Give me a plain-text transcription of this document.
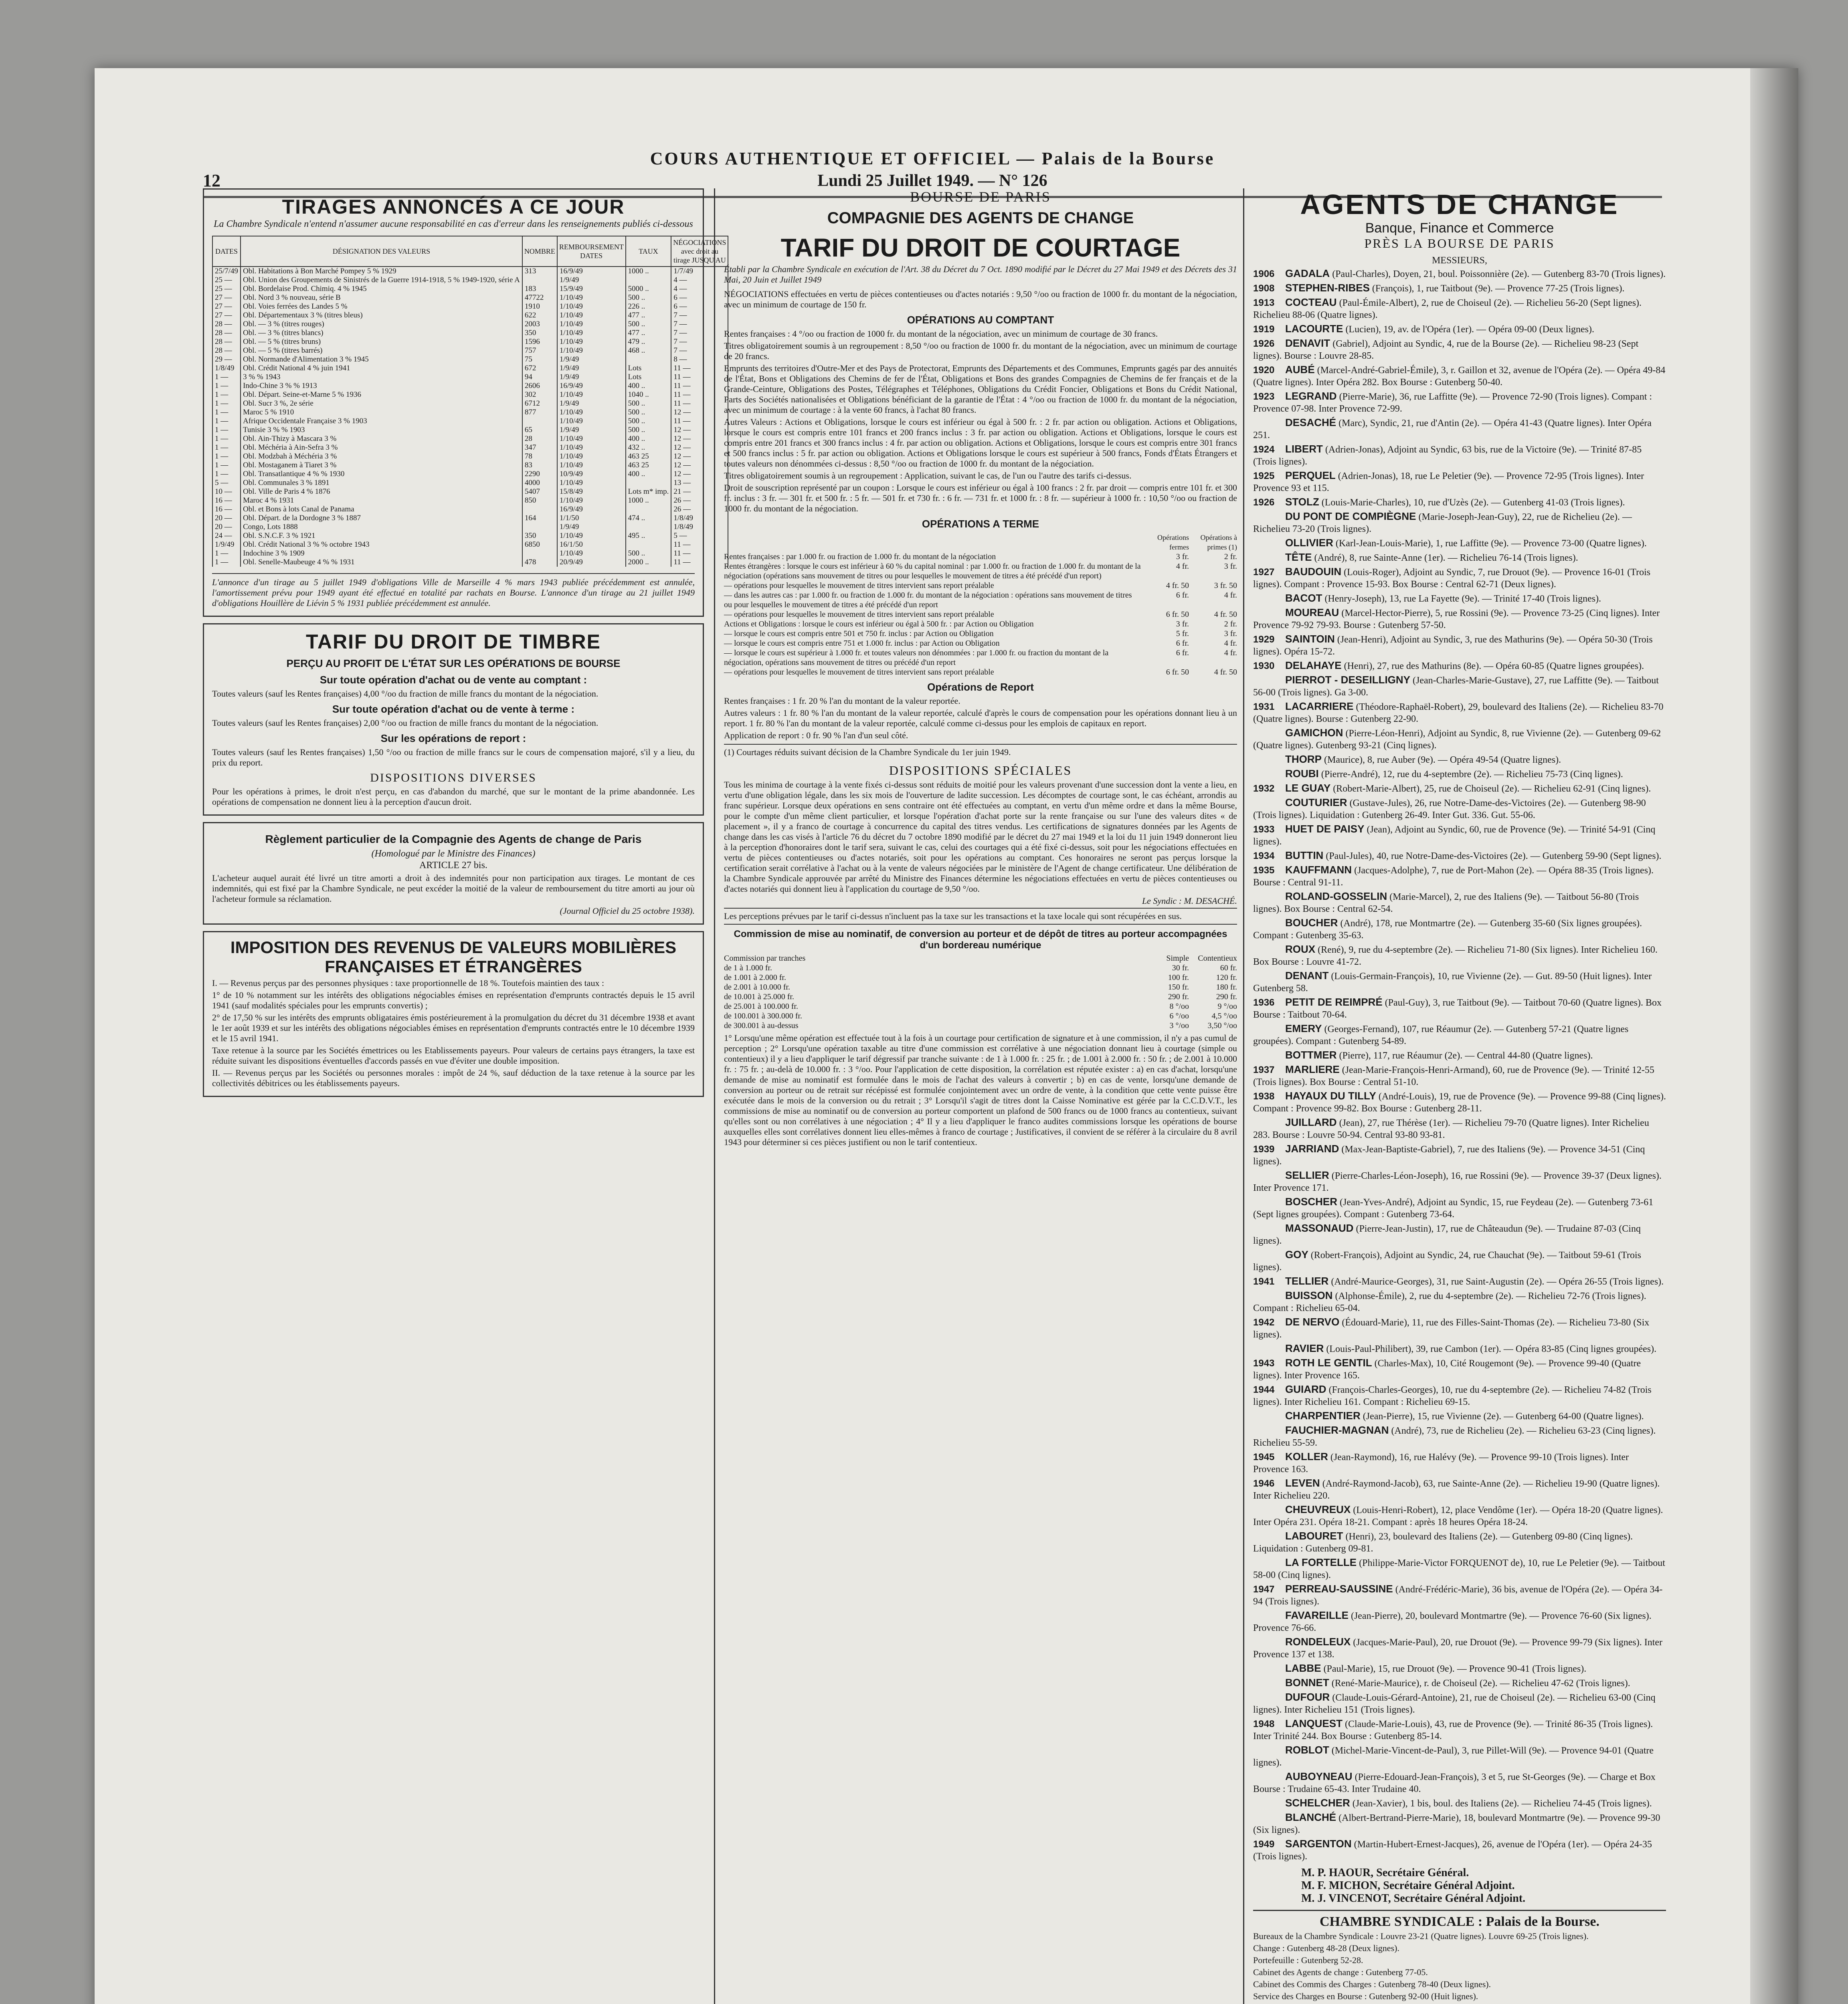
12
COURS AUTHENTIQUE ET OFFICIEL — Palais de la Bourse
Lundi 25 Juillet 1949. — N° 126
TIRAGES ANNONCÉS A CE JOUR
La Chambre Syndicale n'entend n'assumer aucune responsabilité en cas d'erreur dans les renseignements publiés ci-dessous
DATES	DÉSIGNATION DES VALEURS	NOMBRE	REMBOURSEMENT DATES	TAUX	NÉGOCIATIONS avec droit au tirage JUSQU'AU
25/7/49	Obl. Habitations à Bon Marché Pompey 5 % 1929	313	16/9/49	1000 ..	1/7/49
25 —	Obl. Union des Groupements de Sinistrés de la Guerre 1914-1918, 5 % 1949-1920, série A		1/9/49		4 —
25 —	Obl. Bordelaise Prod. Chimiq. 4 % 1945	183	15/9/49	5000 ..	4 —
27 —	Obl. Nord 3 % nouveau, série B	47722	1/10/49	500 ..	6 —
27 —	Obl. Voies ferrées des Landes 5 %	1910	1/10/49	226 ..	6 —
27 —	Obl. Départementaux 3 % (titres bleus)	622	1/10/49	477 ..	7 —
28 —	Obl. — 3 % (titres rouges)	2003	1/10/49	500 ..	7 —
28 —	Obl. — 3 % (titres blancs)	350	1/10/49	477 ..	7 —
28 —	Obl. — 5 % (titres bruns)	1596	1/10/49	479 ..	7 —
28 —	Obl. — 5 % (titres barrés)	757	1/10/49	468 ..	7 —
29 —	Obl. Normande d'Alimentation 3 % 1945	75	1/9/49		8 —
1/8/49	Obl. Crédit National 4 % juin 1941	672	1/9/49	Lots	11 —
1 —	3 % % 1943	94	1/9/49	Lots	11 —
1 —	Indo-Chine 3 % % 1913	2606	16/9/49	400 ..	11 —
1 —	Obl. Départ. Seine-et-Marne 5 % 1936	302	1/10/49	1040 ..	11 —
1 —	Obl. Sucr 3 %, 2e série	6712	1/9/49	500 ..	11 —
1 —	Maroc 5 % 1910	877	1/10/49	500 ..	12 —
1 —	Afrique Occidentale Française 3 % 1903		1/10/49	500 ..	11 —
1 —	Tunisie 3 % % 1903	65	1/9/49	500 ..	12 —
1 —	Obl. Ain-Thizy à Mascara 3 %	28	1/10/49	400 ..	12 —
1 —	Obl. Méchéria à Ain-Sefra 3 %	347	1/10/49	432 ..	12 —
1 —	Obl. Modzbah à Méchéria 3 %	78	1/10/49	463 25	12 —
1 —	Obl. Mostaganem à Tiaret 3 %	83	1/10/49	463 25	12 —
1 —	Obl. Transatlantique 4 % % 1930	2290	10/9/49	400 ..	12 —
5 —	Obl. Communales 3 % 1891	4000	1/10/49		13 —
10 —	Obl. Ville de Paris 4 % 1876	5407	15/8/49	Lots m* imp.	21 —
16 —	Maroc 4 % 1931	850	1/10/49	1000 ..	26 —
16 —	Obl. et Bons à lots Canal de Panama		16/9/49		26 —
20 —	Obl. Départ. de la Dordogne 3 % 1887	164	1/1/50	474 ..	1/8/49
20 —	Congo, Lots 1888		1/9/49		1/8/49
24 —	Obl. S.N.C.F. 3 % 1921	350	1/10/49	495 ..	5 —
1/9/49	Obl. Crédit National 3 % % octobre 1943	6850	16/1/50		11 —
1 —	Indochine 3 % 1909		1/10/49	500 ..	11 —
1 —	Obl. Senelle-Maubeuge 4 % % 1931	478	20/9/49	2000 ..	11 —
L'annonce d'un tirage au 5 juillet 1949 d'obligations Ville de Marseille 4 % mars 1943 publiée précédemment est annulée, l'amortissement prévu pour 1949 ayant été effectué en totalité par rachats en Bourse. L'annonce d'un tirage au 21 juillet 1949 d'obligations Houillère de Liévin 5 % 1931 publiée précédemment est annulée.
TARIF DU DROIT DE TIMBRE
PERÇU AU PROFIT DE L'ÉTAT SUR LES OPÉRATIONS DE BOURSE
Sur toute opération d'achat ou de vente au comptant :
Toutes valeurs (sauf les Rentes françaises) 4,00 °/oo du fraction de mille francs du montant de la négociation.
Sur toute opération d'achat ou de vente à terme :
Toutes valeurs (sauf les Rentes françaises) 2,00 °/oo ou fraction de mille francs du montant de la négociation.
Sur les opérations de report :
Toutes valeurs (sauf les Rentes françaises) 1,50 °/oo ou fraction de mille francs sur le cours de compensation majoré, s'il y a lieu, du prix du report.
DISPOSITIONS DIVERSES
Pour les opérations à primes, le droit n'est perçu, en cas d'abandon du marché, que sur le montant de la prime abandonnée. Les opérations de compensation ne donnent lieu à la perception d'aucun droit.
Règlement particulier de la Compagnie des Agents de change de Paris
(Homologué par le Ministre des Finances)
ARTICLE 27 bis.
L'acheteur auquel aurait été livré un titre amorti a droit à des indemnités pour non participation aux tirages. Le montant de ces indemnités, qui est fixé par la Chambre Syndicale, ne peut excéder la moitié de la valeur de remboursement du titre amorti au jour où l'acheteur formule sa réclamation.
(Journal Officiel du 25 octobre 1938).
IMPOSITION DES REVENUS DE VALEURS MOBILIÈRES FRANÇAISES ET ÉTRANGÈRES
I. — Revenus perçus par des personnes physiques : taxe proportionnelle de 18 %. Toutefois maintien des taux :
1° de 10 % notamment sur les intérêts des obligations négociables émises en représentation d'emprunts contractés depuis le 15 avril 1941 (sauf modalités spéciales pour les emprunts convertis) ;
2° de 17,50 % sur les intérêts des emprunts obligataires émis postérieurement à la promulgation du décret du 31 décembre 1938 et avant le 1er août 1939 et sur les intérêts des obligations négociables émises en représentation d'emprunts contractés entre le 10 décembre 1939 et le 15 avril 1941.
Taxe retenue à la source par les Sociétés émettrices ou les Etablissements payeurs. Pour valeurs de certains pays étrangers, la taxe est réduite suivant les dispositions éventuelles d'accords passés en vue d'éviter une double imposition.
II. — Revenus perçus par les Sociétés ou personnes morales : impôt de 24 %, sauf déduction de la taxe retenue à la source par les collectivités débitrices ou les établissements payeurs.
BOURSE DE PARIS
COMPAGNIE DES AGENTS DE CHANGE
TARIF DU DROIT DE COURTAGE
Établi par la Chambre Syndicale en exécution de l'Art. 38 du Décret du 7 Oct. 1890 modifié par le Décret du 27 Mai 1949 et des Décrets des 31 Mai, 20 Juin et Juillet 1949
NÉGOCIATIONS effectuées en vertu de pièces contentieuses ou d'actes notariés : 9,50 °/oo ou fraction de 1000 fr. du montant de la négociation, avec un minimum de courtage de 150 fr.
OPÉRATIONS AU COMPTANT
Rentes françaises : 4 °/oo ou fraction de 1000 fr. du montant de la négociation, avec un minimum de courtage de 30 francs.
Titres obligatoirement soumis à un regroupement : 8,50 °/oo ou fraction de 1000 fr. du montant de la négociation, avec un minimum de courtage de 20 francs.
Emprunts des territoires d'Outre-Mer et des Pays de Protectorat, Emprunts des Départements et des Communes, Emprunts gagés par des annuités de l'État, Bons et Obligations des Chemins de fer de l'État, Obligations et Bons des grandes Compagnies de Chemins de fer français et de la Grande-Ceinture, Obligations des Postes, Télégraphes et Téléphones, Obligations du Crédit Foncier, Obligations et Bons du Crédit National, Parts des Sociétés nationalisées et Obligations bénéficiant de la garantie de l'État : 4 °/oo ou fraction de 1000 fr. du montant de la négociation, avec un minimum de courtage : à la vente 60 francs, à l'achat 80 francs.
Autres Valeurs : Actions et Obligations, lorsque le cours est inférieur ou égal à 500 fr. : 2 fr. par action ou obligation. Actions et Obligations, lorsque le cours est compris entre 101 francs et 200 francs inclus : 3 fr. par action ou obligation. Actions et Obligations, lorsque le cours est compris entre 201 francs et 300 francs inclus : 4 fr. par action ou obligation. Actions et Obligations, lorsque le cours est compris entre 301 francs et 500 francs inclus : 5 fr. par action ou obligation. Actions et Obligations lorsque le cours est supérieur à 500 francs, Fonds d'États Étrangers et toutes valeurs non dénommées ci-dessus : 8,50 °/oo ou fraction de 1000 fr. du montant de la négociation.
Titres obligatoirement soumis à un regroupement : Application, suivant le cas, de l'un ou l'autre des tarifs ci-dessus.
Droit de souscription représenté par un coupon : Lorsque le cours est inférieur ou égal à 100 francs : 2 fr. par droit — compris entre 101 fr. et 300 fr. inclus : 3 fr. — 301 fr. et 500 fr. : 5 fr. — 501 fr. et 730 fr. : 6 fr. — 731 fr. et 1000 fr. : 8 fr. — supérieur à 1000 fr. : 10,50 °/oo ou fraction de 1000 fr. du montant de la négociation.
OPÉRATIONS A TERME
Opérations fermes
Opérations à primes (1)
Rentes françaises : par 1.000 fr. ou fraction de 1.000 fr. du montant de la négociation	3 fr.	2 fr.
Rentes étrangères : lorsque le cours est inférieur à 60 % du capital nominal : par 1.000 fr. ou fraction de 1.000 fr. du montant de la négociation (opérations sans mouvement de titres ou pour lesquelles le mouvement de titres a été précédé d'un report)
4 fr.	3 fr.
— opérations pour lesquelles le mouvement de titres intervient sans report préalable	4 fr. 50	3 fr. 50
— dans les autres cas : par 1.000 fr. ou fraction de 1.000 fr. du montant de la négociation : opérations sans mouvement de titres ou pour lesquelles le mouvement de titres a été précédé d'un report
6 fr.	4 fr.
— opérations pour lesquelles le mouvement de titres intervient sans report préalable	6 fr. 50	4 fr. 50
Actions et Obligations : lorsque le cours est inférieur ou égal à 500 fr. : par Action ou Obligation	3 fr.	2 fr.
— lorsque le cours est compris entre 501 et 750 fr. inclus : par Action ou Obligation	5 fr.	3 fr.
— lorsque le cours est compris entre 751 et 1.000 fr. inclus : par Action ou Obligation	6 fr.	4 fr.
— lorsque le cours est supérieur à 1.000 fr. et toutes valeurs non dénommées : par 1.000 fr. ou fraction du montant de la négociation, opérations sans mouvement de titres ou précédé d'un report
6 fr.	4 fr.
— opérations pour lesquelles le mouvement de titres intervient sans report préalable	6 fr. 50	4 fr. 50
Opérations de Report
Rentes françaises : 1 fr. 20 % l'an du montant de la valeur reportée.
Autres valeurs : 1 fr. 80 % l'an du montant de la valeur reportée, calculé d'après le cours de compensation pour les opérations donnant lieu à un report. 1 fr. 80 % l'an du montant de la valeur reportée, calculé comme ci-dessus pour les emplois de capitaux en report.
Application de report : 0 fr. 90 % l'an d'un seul côté.
(1) Courtages réduits suivant décision de la Chambre Syndicale du 1er juin 1949.
DISPOSITIONS SPÉCIALES
Tous les minima de courtage à la vente fixés ci-dessus sont réduits de moitié pour les valeurs provenant d'une succession dont la vente a lieu, en vertu d'une obligation légale, dans les six mois de l'ouverture de ladite succession. Les décomptes de courtage sont, le cas échéant, arrondis au franc supérieur. Lorsque deux opérations en sens contraire ont été effectuées au comptant, en vertu d'un même ordre et dans la même Bourse, pour le compte d'un même client particulier, et lorsque l'opération d'achat porte sur la rente française ou sur l'une des valeurs dites « de placement », il y a franco de courtage à concurrence du capital des titres vendus. Les certifications de signatures données par les Agents de change dans les cas visés à l'article 76 du décret du 7 octobre 1890 modifié par le décret du 27 mai 1949 et la loi du 11 juin 1949 donneront lieu à la perception d'honoraires dont le tarif sera, suivant le cas, celui des courtages qui a été fixé ci-dessus, soit pour les négociations effectuées en vertu de pièces contentieuses ou d'actes notariés, soit pour les opérations au comptant. Ces honoraires ne seront pas perçus lorsque la certification serait corrélative à l'achat ou à la vente de valeurs négociées par le ministère de l'Agent de change certificateur. Une délibération de la Chambre Syndicale approuvée par arrêté du Ministre des Finances détermine les négociations effectuées en vertu de pièces contentieuses ou d'actes notariés qui donnent lieu à l'application du courtage de 9,50 °/oo.
Le Syndic : M. DESACHÉ.
Les perceptions prévues par le tarif ci-dessus n'incluent pas la taxe sur les transactions et la taxe locale qui sont récupérées en sus.
Commission de mise au nominatif, de conversion au porteur et de dépôt de titres au porteur accompagnées d'un bordereau numérique
Commission par tranches	Simple	Contentieux
de 1 à 1.000 fr.	30 fr.	60 fr.
de 1.001 à 2.000 fr.	100 fr.	120 fr.
de 2.001 à 10.000 fr.	150 fr.	180 fr.
de 10.001 à 25.000 fr.	290 fr.	290 fr.
de 25.001 à 100.000 fr.	8 °/oo	9 °/oo
de 100.001 à 300.000 fr.	6 °/oo	4,5 °/oo
de 300.001 à au-dessus	3 °/oo	3,50 °/oo
1° Lorsqu'une même opération est effectuée tout à la fois à un courtage pour certification de signature et à une commission, il n'y a pas cumul de perception ; 2° Lorsqu'une opération taxable au titre d'une commission est corrélative à une négociation donnant lieu à courtage (simple ou contentieux) il y a lieu d'appliquer le tarif dégressif par tranche suivante : de 1 à 1.000 fr. : 25 fr. ; de 1.001 à 2.000 fr. : 50 fr. ; de 2.001 à 10.000 fr. : 75 fr. ; au-delà de 10.000 fr. : 3 °/oo. Pour l'application de cette disposition, la corrélation est réputée exister : a) en cas d'achat, lorsqu'une demande de mise au nominatif est formulée dans le mois de l'achat des valeurs à convertir ; b) en cas de vente, lorsqu'une demande de conversion au porteur ou de retrait sur récépissé est formulée conjointement avec un ordre de vente, à la condition que cette vente puisse être exécutée dans le mois de la conversion ou du retrait ; 3° Lorsqu'il s'agit de titres dont la Caisse Nominative est gérée par la C.C.D.V.T., les commissions de mise au nominatif ou de conversion au porteur comportent un plafond de 500 francs ou de 1000 francs au contentieux, suivant qu'elles sont ou non corrélatives à une négociation ; 4° Il y a lieu d'appliquer le franco audites commissions lorsque les opérations de bourse auxquelles elles sont corrélatives donnent lieu elles-mêmes à franco de courtage ; Justificatives, il convient de se référer à la circulaire du 8 avril 1943 pour déterminer si ces pièces justifient ou non le tarif contentieux.
AGENTS DE CHANGE
Banque, Finance et Commerce
PRÈS LA BOURSE DE PARIS
MESSIEURS,
1906 GADALA (Paul-Charles), Doyen, 21, boul. Poissonnière (2e). — Gutenberg 83-70 (Trois lignes).
1908 STEPHEN-RIBES (François), 1, rue Taitbout (9e). — Provence 77-25 (Trois lignes).
1913 COCTEAU (Paul-Émile-Albert), 2, rue de Choiseul (2e). — Richelieu 56-20 (Sept lignes). Richelieu 88-06 (Quatre lignes).
1919 LACOURTE (Lucien), 19, av. de l'Opéra (1er). — Opéra 09-00 (Deux lignes).
1926 DENAVIT (Gabriel), Adjoint au Syndic, 4, rue de la Bourse (2e). — Richelieu 98-23 (Sept lignes). Bourse : Louvre 28-85.
1920 AUBÉ (Marcel-André-Gabriel-Émile), 3, r. Gaillon et 32, avenue de l'Opéra (2e). — Opéra 49-84 (Quatre lignes). Inter Opéra 282. Box Bourse : Gutenberg 50-40.
1923 LEGRAND (Pierre-Marie), 36, rue Laffitte (9e). — Provence 72-90 (Trois lignes). Compant : Provence 07-98. Inter Provence 72-99.
DESACHÉ (Marc), Syndic, 21, rue d'Antin (2e). — Opéra 41-43 (Quatre lignes). Inter Opéra 251.
1924 LIBERT (Adrien-Jonas), Adjoint au Syndic, 63 bis, rue de la Victoire (9e). — Trinité 87-85 (Trois lignes).
1925 PERQUEL (Adrien-Jonas), 18, rue Le Peletier (9e). — Provence 72-95 (Trois lignes). Inter Provence 93 et 115.
1926 STOLZ (Louis-Marie-Charles), 10, rue d'Uzès (2e). — Gutenberg 41-03 (Trois lignes).
DU PONT DE COMPIÈGNE (Marie-Joseph-Jean-Guy), 22, rue de Richelieu (2e). — Richelieu 73-20 (Trois lignes).
OLLIVIER (Karl-Jean-Louis-Marie), 1, rue Laffitte (9e). — Provence 73-00 (Quatre lignes).
TÊTE (André), 8, rue Sainte-Anne (1er). — Richelieu 76-14 (Trois lignes).
1927 BAUDOUIN (Louis-Roger), Adjoint au Syndic, 7, rue Drouot (9e). — Provence 16-01 (Trois lignes). Compant : Provence 15-93. Box Bourse : Central 62-71 (Deux lignes).
BACOT (Henry-Joseph), 13, rue La Fayette (9e). — Trinité 17-40 (Trois lignes).
MOUREAU (Marcel-Hector-Pierre), 5, rue Rossini (9e). — Provence 73-25 (Cinq lignes). Inter Provence 79-92 79-93. Bourse : Gutenberg 57-50.
1929 SAINTOIN (Jean-Henri), Adjoint au Syndic, 3, rue des Mathurins (9e). — Opéra 50-30 (Trois lignes). Opéra 15-72.
1930 DELAHAYE (Henri), 27, rue des Mathurins (8e). — Opéra 60-85 (Quatre lignes groupées).
PIERROT - DESEILLIGNY (Jean-Charles-Marie-Gustave), 27, rue Laffitte (9e). — Taitbout 56-00 (Trois lignes). Ga 3-00.
1931 LACARRIERE (Théodore-Raphaël-Robert), 29, boulevard des Italiens (2e). — Richelieu 83-70 (Quatre lignes). Bourse : Gutenberg 22-90.
GAMICHON (Pierre-Léon-Henri), Adjoint au Syndic, 8, rue Vivienne (2e). — Gutenberg 09-62 (Quatre lignes). Gutenberg 93-21 (Cinq lignes).
THORP (Maurice), 8, rue Auber (9e). — Opéra 49-54 (Quatre lignes).
ROUBI (Pierre-André), 12, rue du 4-septembre (2e). — Richelieu 75-73 (Cinq lignes).
1932 LE GUAY (Robert-Marie-Albert), 25, rue de Choiseul (2e). — Richelieu 62-91 (Cinq lignes).
COUTURIER (Gustave-Jules), 26, rue Notre-Dame-des-Victoires (2e). — Gutenberg 98-90 (Trois lignes). Liquidation : Gutenberg 26-49. Inter Gut. 336. Gut. 55-06.
1933 HUET DE PAISY (Jean), Adjoint au Syndic, 60, rue de Provence (9e). — Trinité 54-91 (Cinq lignes).
1934 BUTTIN (Paul-Jules), 40, rue Notre-Dame-des-Victoires (2e). — Gutenberg 59-90 (Sept lignes).
1935 KAUFFMANN (Jacques-Adolphe), 7, rue de Port-Mahon (2e). — Opéra 88-35 (Trois lignes). Bourse : Central 91-11.
ROLAND-GOSSELIN (Marie-Marcel), 2, rue des Italiens (9e). — Taitbout 56-80 (Trois lignes). Box Bourse : Central 62-54.
BOUCHER (André), 178, rue Montmartre (2e). — Gutenberg 35-60 (Six lignes groupées). Compant : Gutenberg 35-63.
ROUX (René), 9, rue du 4-septembre (2e). — Richelieu 71-80 (Six lignes). Inter Richelieu 160. Box Bourse : Louvre 41-72.
DENANT (Louis-Germain-François), 10, rue Vivienne (2e). — Gut. 89-50 (Huit lignes). Inter Gutenberg 58.
1936 PETIT DE REIMPRÉ (Paul-Guy), 3, rue Taitbout (9e). — Taitbout 70-60 (Quatre lignes). Box Bourse : Taitbout 70-64.
EMERY (Georges-Fernand), 107, rue Réaumur (2e). — Gutenberg 57-21 (Quatre lignes groupées). Compant : Gutenberg 54-89.
BOTTMER (Pierre), 117, rue Réaumur (2e). — Central 44-80 (Quatre lignes).
1937 MARLIERE (Jean-Marie-François-Henri-Armand), 60, rue de Provence (9e). — Trinité 12-55 (Trois lignes). Box Bourse : Central 51-10.
1938 HAYAUX DU TILLY (André-Louis), 19, rue de Provence (9e). — Provence 99-88 (Cinq lignes). Compant : Provence 99-82. Box Bourse : Gutenberg 28-11.
JUILLARD (Jean), 27, rue Thérèse (1er). — Richelieu 79-70 (Quatre lignes). Inter Richelieu 283. Bourse : Louvre 50-94. Central 93-80 93-81.
1939 JARRIAND (Max-Jean-Baptiste-Gabriel), 7, rue des Italiens (9e). — Provence 34-51 (Cinq lignes).
SELLIER (Pierre-Charles-Léon-Joseph), 16, rue Rossini (9e). — Provence 39-37 (Deux lignes). Inter Provence 171.
BOSCHER (Jean-Yves-André), Adjoint au Syndic, 15, rue Feydeau (2e). — Gutenberg 73-61 (Sept lignes groupées). Compant : Gutenberg 73-64.
MASSONAUD (Pierre-Jean-Justin), 17, rue de Châteaudun (9e). — Trudaine 87-03 (Cinq lignes).
GOY (Robert-François), Adjoint au Syndic, 24, rue Chauchat (9e). — Taitbout 59-61 (Trois lignes).
1941 TELLIER (André-Maurice-Georges), 31, rue Saint-Augustin (2e). — Opéra 26-55 (Trois lignes).
BUISSON (Alphonse-Émile), 2, rue du 4-septembre (2e). — Richelieu 72-76 (Trois lignes). Compant : Richelieu 65-04.
1942 DE NERVO (Édouard-Marie), 11, rue des Filles-Saint-Thomas (2e). — Richelieu 73-80 (Six lignes).
RAVIER (Louis-Paul-Philibert), 39, rue Cambon (1er). — Opéra 83-85 (Cinq lignes groupées).
1943 ROTH LE GENTIL (Charles-Max), 10, Cité Rougemont (9e). — Provence 99-40 (Quatre lignes). Inter Provence 165.
1944 GUIARD (François-Charles-Georges), 10, rue du 4-septembre (2e). — Richelieu 74-82 (Trois lignes). Inter Richelieu 161. Compant : Richelieu 69-15.
CHARPENTIER (Jean-Pierre), 15, rue Vivienne (2e). — Gutenberg 64-00 (Quatre lignes).
FAUCHIER-MAGNAN (André), 73, rue de Richelieu (2e). — Richelieu 63-23 (Cinq lignes). Richelieu 55-59.
1945 KOLLER (Jean-Raymond), 16, rue Halévy (9e). — Provence 99-10 (Trois lignes). Inter Provence 163.
1946 LEVEN (André-Raymond-Jacob), 63, rue Sainte-Anne (2e). — Richelieu 19-90 (Quatre lignes). Inter Richelieu 220.
CHEUVREUX (Louis-Henri-Robert), 12, place Vendôme (1er). — Opéra 18-20 (Quatre lignes). Inter Opéra 231. Opéra 18-21. Compant : après 18 heures Opéra 18-24.
LABOURET (Henri), 23, boulevard des Italiens (2e). — Gutenberg 09-80 (Cinq lignes). Liquidation : Gutenberg 09-81.
LA FORTELLE (Philippe-Marie-Victor FORQUENOT de), 10, rue Le Peletier (9e). — Taitbout 58-00 (Cinq lignes).
1947 PERREAU-SAUSSINE (André-Frédéric-Marie), 36 bis, avenue de l'Opéra (2e). — Opéra 34-94 (Trois lignes).
FAVAREILLE (Jean-Pierre), 20, boulevard Montmartre (9e). — Provence 76-60 (Six lignes). Provence 76-66.
RONDELEUX (Jacques-Marie-Paul), 20, rue Drouot (9e). — Provence 99-79 (Six lignes). Inter Provence 137 et 138.
LABBE (Paul-Marie), 15, rue Drouot (9e). — Provence 90-41 (Trois lignes).
BONNET (René-Marie-Maurice), r. de Choiseul (2e). — Richelieu 47-62 (Trois lignes).
DUFOUR (Claude-Louis-Gérard-Antoine), 21, rue de Choiseul (2e). — Richelieu 63-00 (Cinq lignes). Inter Richelieu 151 (Trois lignes).
1948 LANQUEST (Claude-Marie-Louis), 43, rue de Provence (9e). — Trinité 86-35 (Trois lignes). Inter Trinité 244. Box Bourse : Gutenberg 85-14.
ROBLOT (Michel-Marie-Vincent-de-Paul), 3, rue Pillet-Will (9e). — Provence 94-01 (Quatre lignes).
AUBOYNEAU (Pierre-Edouard-Jean-François), 3 et 5, rue St-Georges (9e). — Charge et Box Bourse : Trudaine 65-43. Inter Trudaine 40.
SCHELCHER (Jean-Xavier), 1 bis, boul. des Italiens (2e). — Richelieu 74-45 (Trois lignes).
BLANCHÉ (Albert-Bertrand-Pierre-Marie), 18, boulevard Montmartre (9e). — Provence 99-30 (Six lignes).
1949 SARGENTON (Martin-Hubert-Ernest-Jacques), 26, avenue de l'Opéra (1er). — Opéra 24-35 (Trois lignes).
M. P. HAOUR, Secrétaire Général.
M. F. MICHON, Secrétaire Général Adjoint.
M. J. VINCENOT, Secrétaire Général Adjoint.
CHAMBRE SYNDICALE : Palais de la Bourse.
Bureaux de la Chambre Syndicale : Louvre 23-21 (Quatre lignes). Louvre 69-25 (Trois lignes).
Change : Gutenberg 48-28 (Deux lignes).
Portefeuille : Gutenberg 52-28.
Cabinet des Agents de change : Gutenberg 77-05.
Cabinet des Commis des Charges : Gutenberg 78-40 (Deux lignes).
Service des Charges en Bourse : Gutenberg 92-00 (Huit lignes).
